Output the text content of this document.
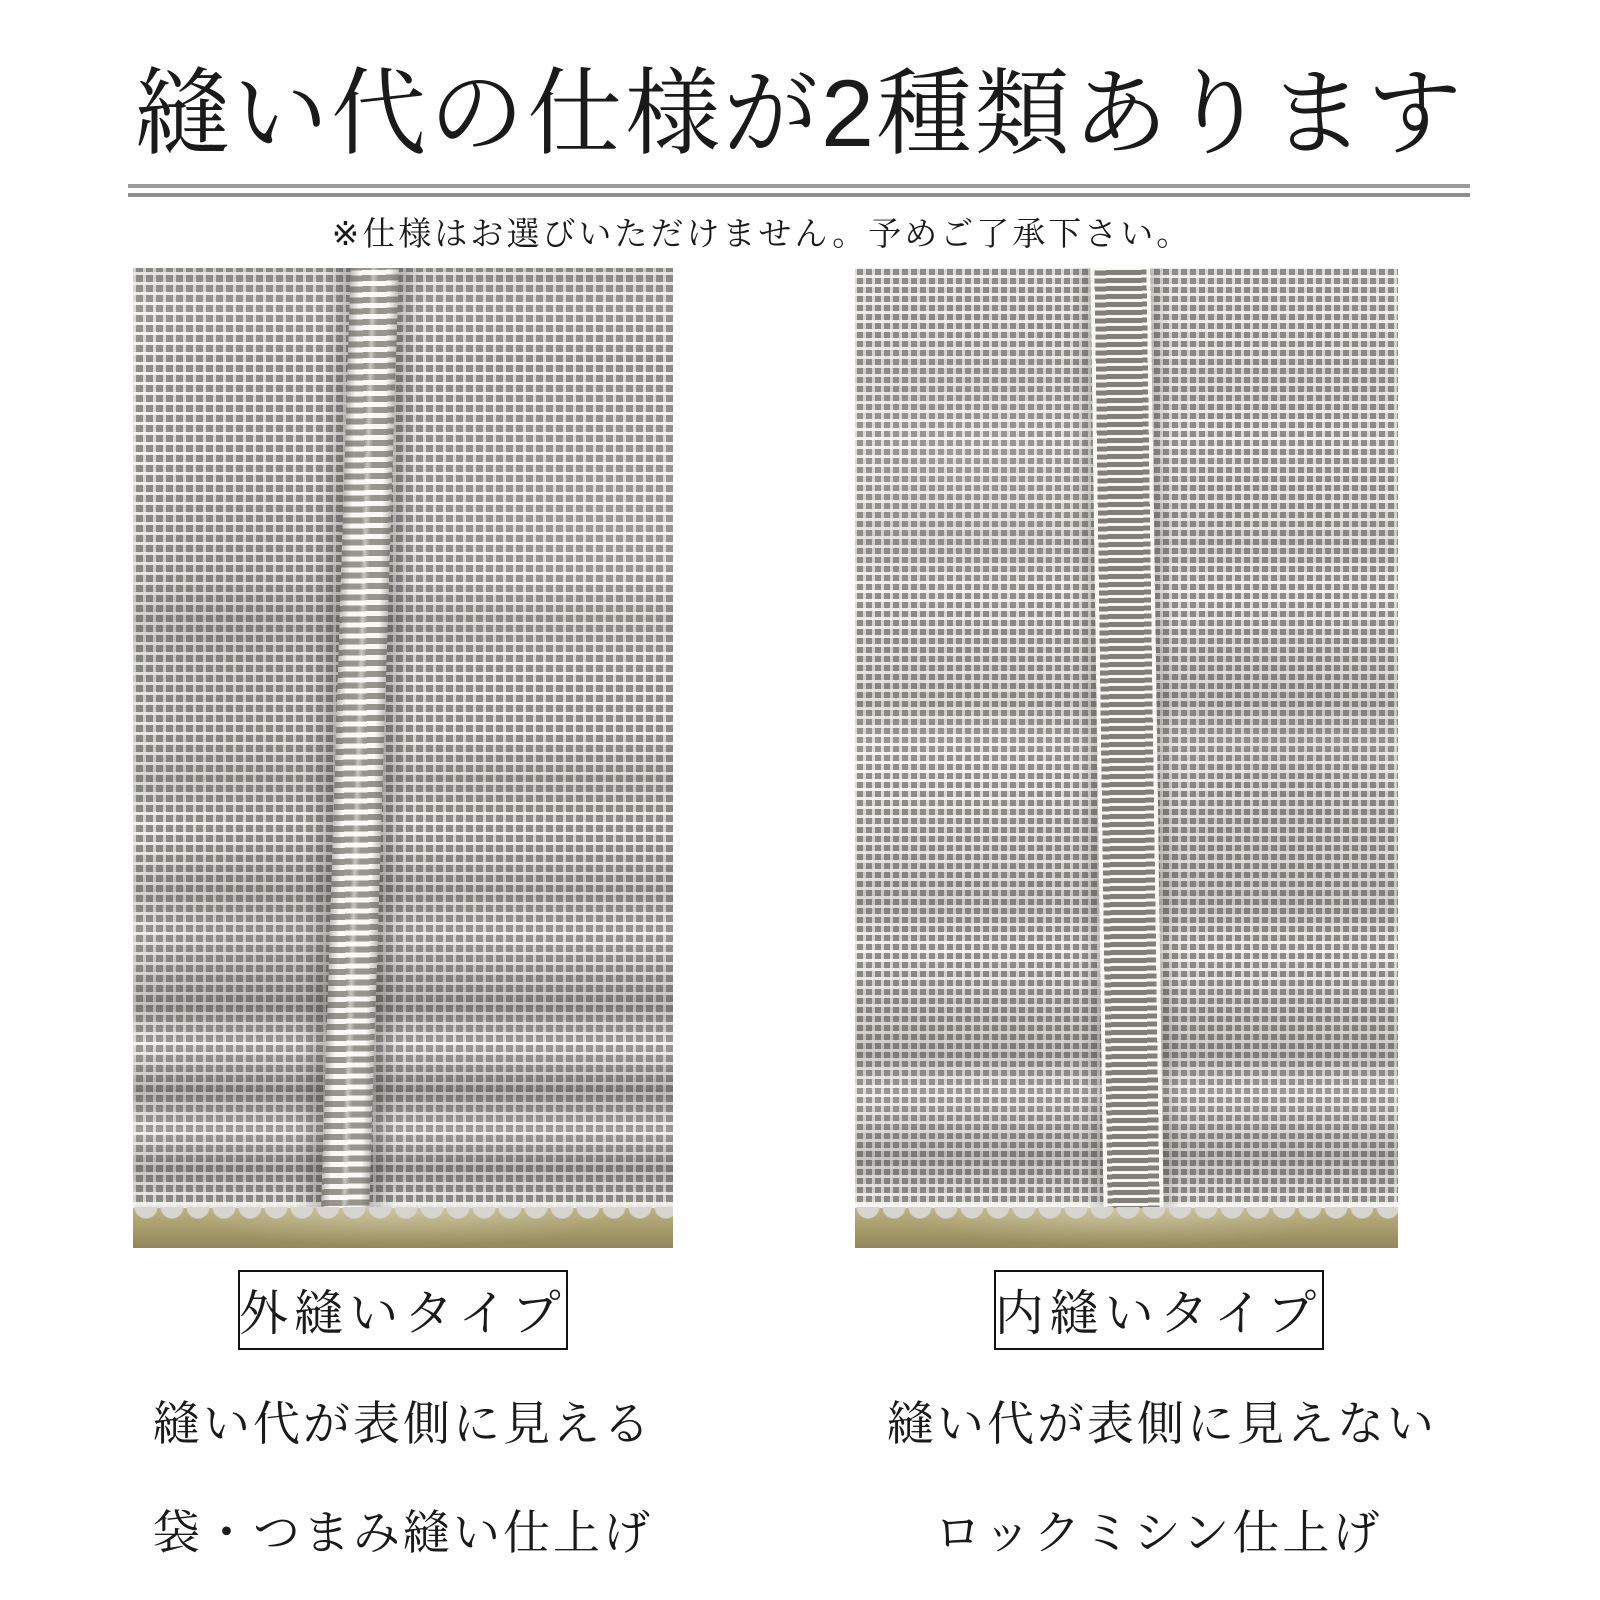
縫い代の仕様が2種類あります

※仕様はお選びいただけません。予めご了承下さい。

外縫いタイプ

縫い代が表側に見える

袋・つまみ縫い仕上げ

内縫いタイプ

縫い代が表側に見えない

ロックミシン仕上げ
